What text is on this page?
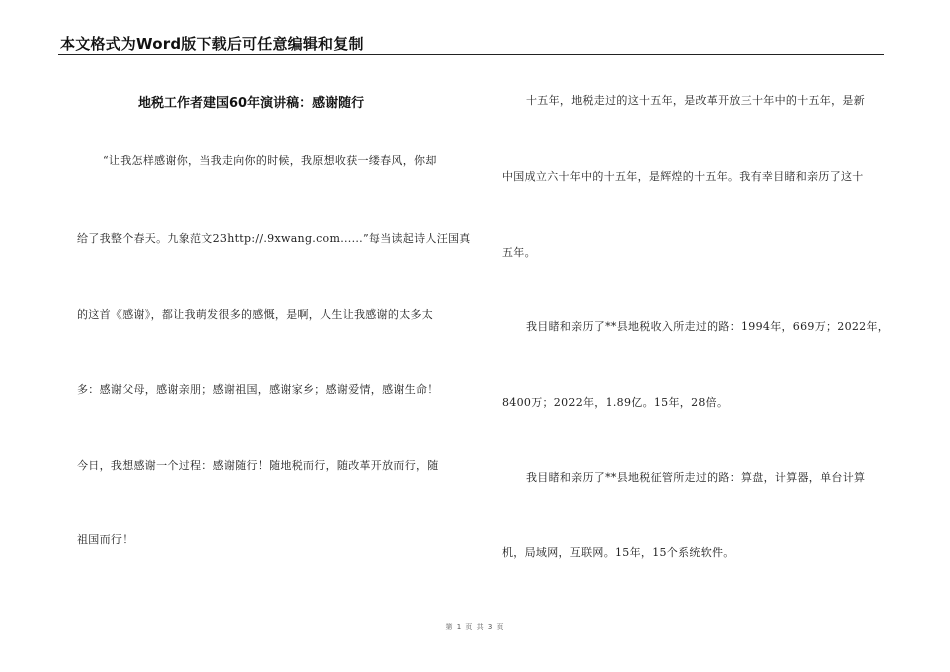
本文格式为Word版下载后可任意编辑和复制
地税工作者建国60年演讲稿：感谢随行
“让我怎样感谢你，当我走向你的时候，我原想收获一缕春风，你却
给了我整个春天。九象范文23http://.9xwang.com......”每当读起诗人汪国真
的这首《感谢》，都让我萌发很多的感慨，是啊，人生让我感谢的太多太
多：感谢父母，感谢亲朋；感谢祖国，感谢家乡；感谢爱情，感谢生命！
今日，我想感谢一个过程：感谢随行！随地税而行，随改革开放而行，随
祖国而行！
十五年，地税走过的这十五年，是改革开放三十年中的十五年，是新
中国成立六十年中的十五年，是辉煌的十五年。我有幸目睹和亲历了这十
五年。
我目睹和亲历了**县地税收入所走过的路：1994年，669万；2022年，
8400万；2022年，1.89亿。15年，28倍。
我目睹和亲历了**县地税征管所走过的路：算盘，计算器，单台计算
机，局域网，互联网。15年，15个系统软件。
第 1 页 共 3 页
